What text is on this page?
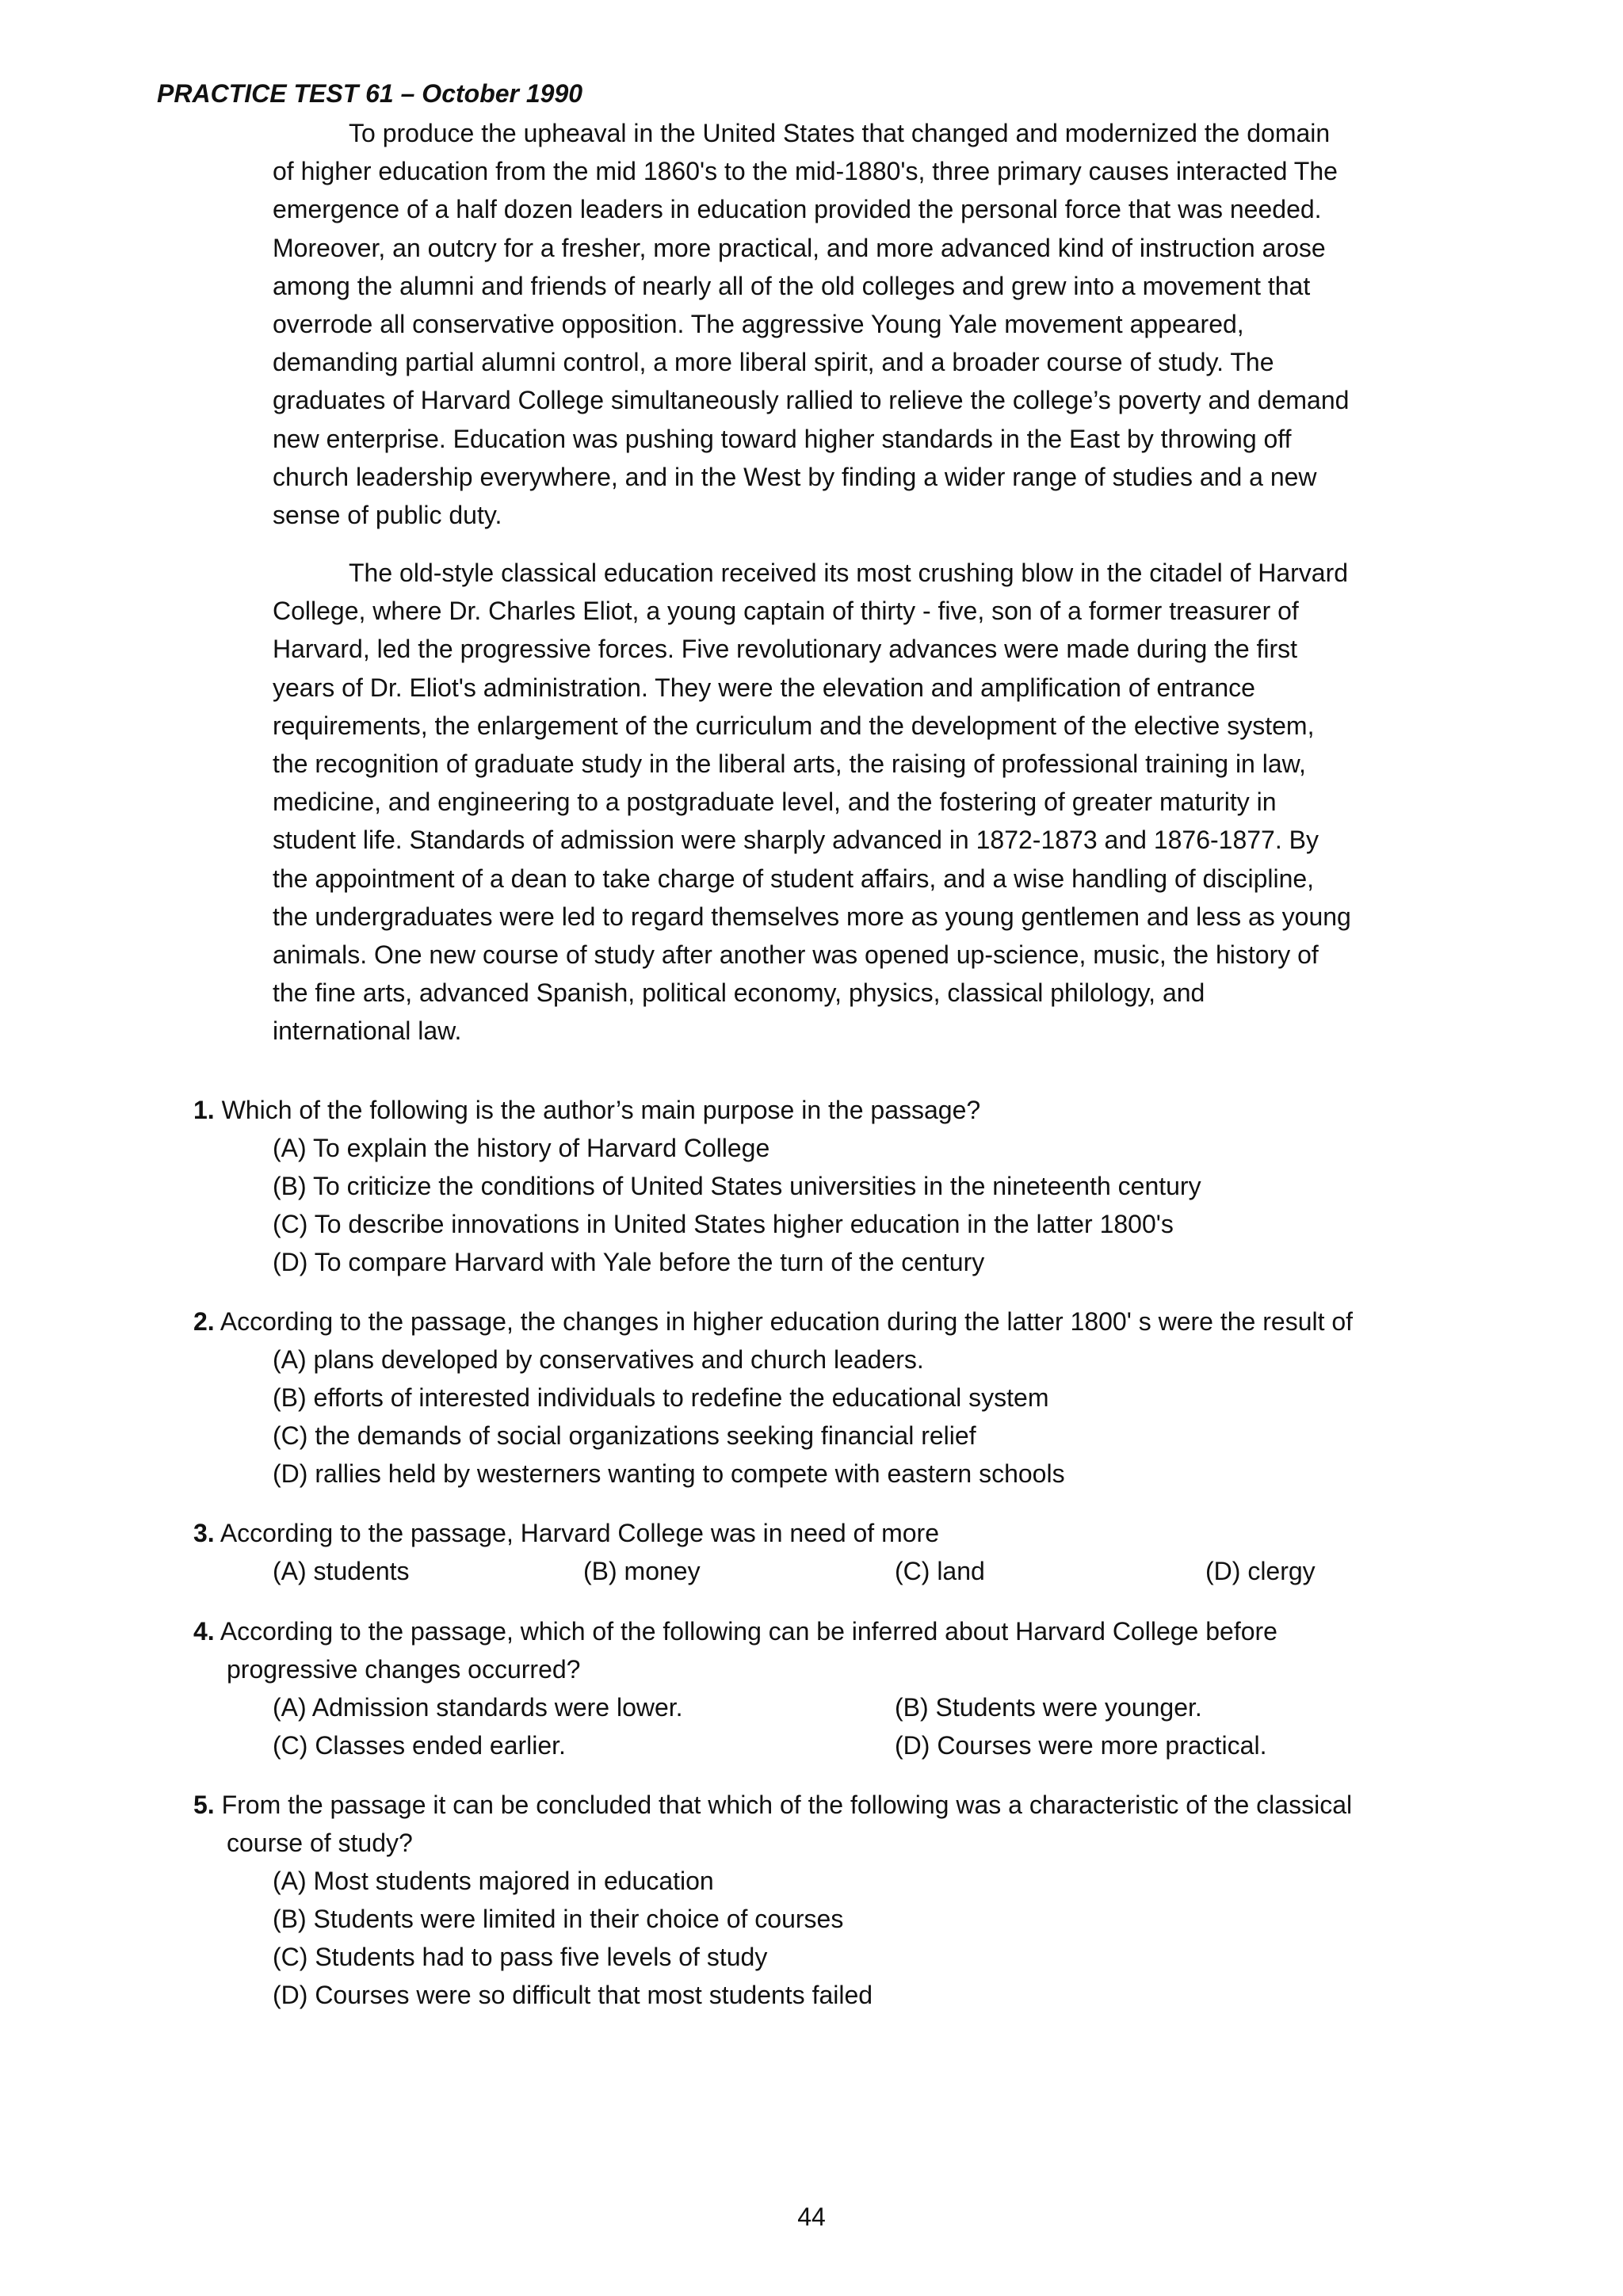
PRACTICE TEST 61 – October 1990
To produce the upheaval in the United States that changed and modernized the domain
of higher education from the mid 1860's to the mid-1880's, three primary causes interacted The
emergence of a half dozen leaders in education provided the personal force that was needed.
Moreover, an outcry for a fresher, more practical, and more advanced kind of instruction arose
among the alumni and friends of nearly all of the old colleges and grew into a movement that
overrode all conservative opposition. The aggressive Young Yale movement appeared,
demanding partial alumni control, a more liberal spirit, and a broader course of study. The
graduates of Harvard College simultaneously rallied to relieve the college’s poverty and demand
new enterprise. Education was pushing toward higher standards in the East by throwing off
church leadership everywhere, and in the West by finding a wider range of studies and a new
sense of public duty.
The old-style classical education received its most crushing blow in the citadel of Harvard
College, where Dr. Charles Eliot, a young captain of thirty - five, son of a former treasurer of
Harvard, led the progressive forces. Five revolutionary advances were made during the first
years of Dr. Eliot's administration. They were the elevation and amplification of entrance
requirements, the enlargement of the curriculum and the development of the elective system,
the recognition of graduate study in the liberal arts, the raising of professional training in law,
medicine, and engineering to a postgraduate level, and the fostering of greater maturity in
student life. Standards of admission were sharply advanced in 1872-1873 and 1876-1877. By
the appointment of a dean to take charge of student affairs, and a wise handling of discipline,
the undergraduates were led to regard themselves more as young gentlemen and less as young
animals. One new course of study after another was opened up-science, music, the history of
the fine arts, advanced Spanish, political economy, physics, classical philology, and
international law.
1. Which of the following is the author’s main purpose in the passage?
(A) To explain the history of Harvard College
(B) To criticize the conditions of United States universities in the nineteenth century
(C) To describe innovations in United States higher education in the latter 1800's
(D) To compare Harvard with Yale before the turn of the century
2. According to the passage, the changes in higher education during the latter 1800' s were the result of
(A) plans developed by conservatives and church leaders.
(B) efforts of interested individuals to redefine the educational system
(C) the demands of social organizations seeking financial relief
(D) rallies held by westerners wanting to compete with eastern schools
3. According to the passage, Harvard College was in need of more
(A) students	(B) money	(C) land	(D) clergy
4. According to the passage, which of the following can be inferred about Harvard College before
progressive changes occurred?
(A) Admission standards were lower.	(B) Students were younger.
(C) Classes ended earlier.	(D) Courses were more practical.
5. From the passage it can be concluded that which of the following was a characteristic of the classical
course of study?
(A) Most students majored in education
(B) Students were limited in their choice of courses
(C) Students had to pass five levels of study
(D) Courses were so difficult that most students failed
44
